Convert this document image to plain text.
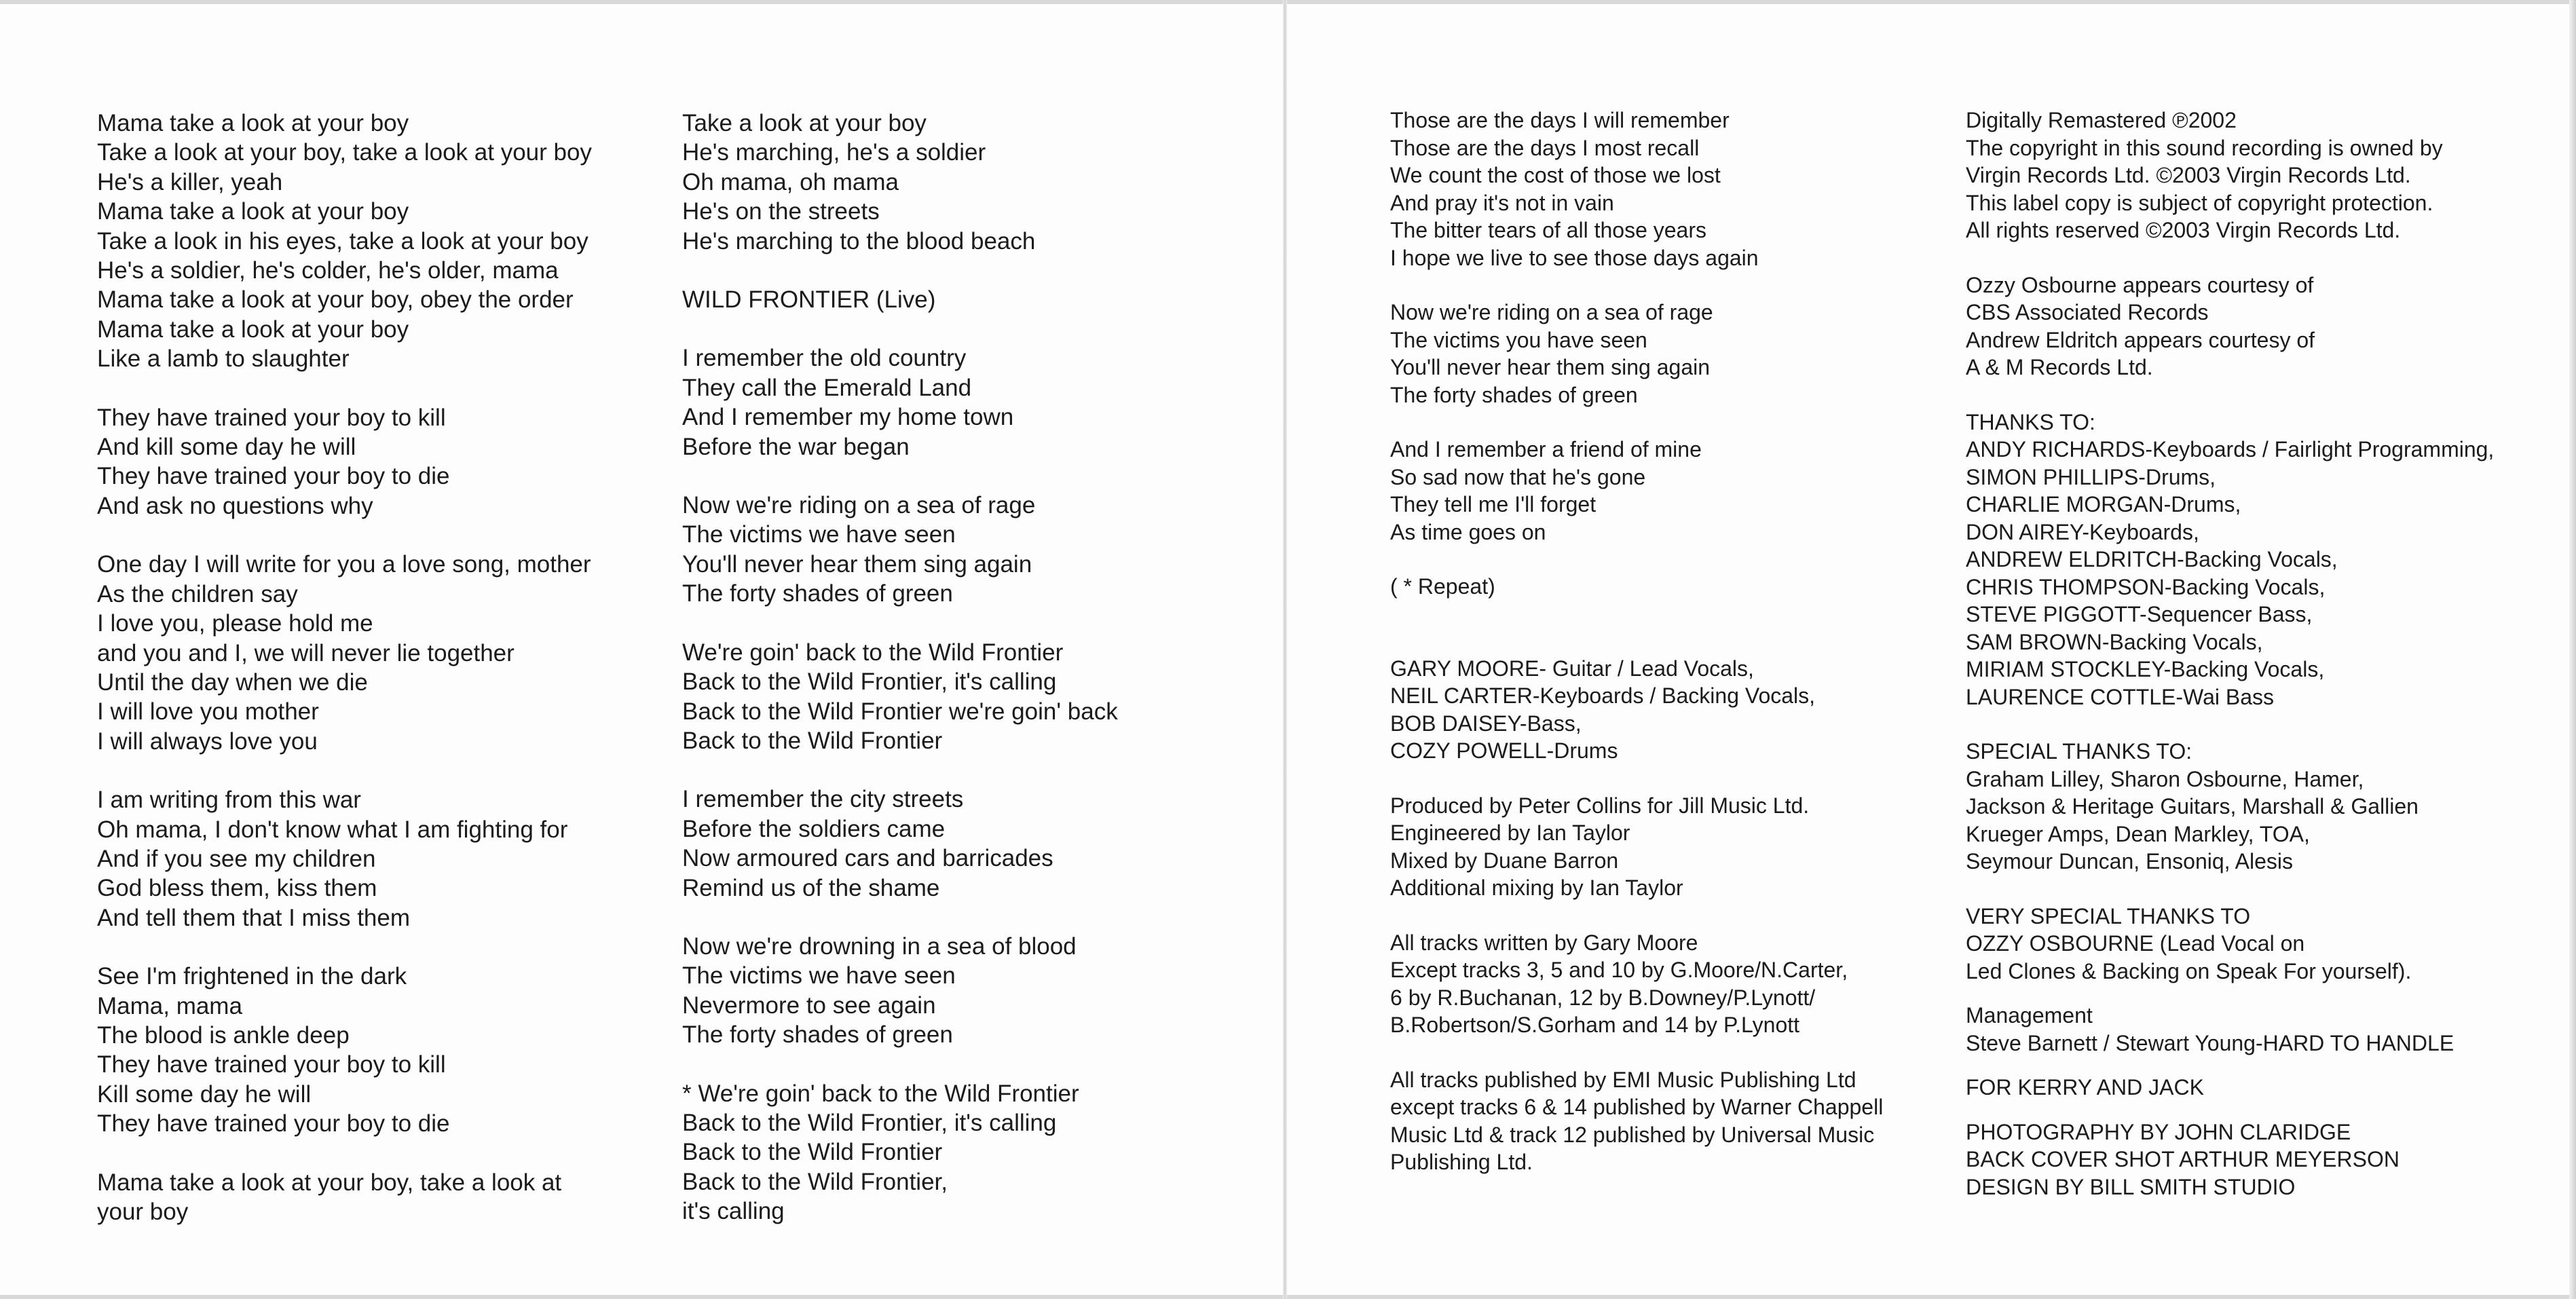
Mama take a look at your boy
Take a look at your boy, take a look at your boy
He's a killer, yeah
Mama take a look at your boy
Take a look in his eyes, take a look at your boy
He's a soldier, he's colder, he's older, mama
Mama take a look at your boy, obey the order
Mama take a look at your boy
Like a lamb to slaughter
They have trained your boy to kill
And kill some day he will
They have trained your boy to die
And ask no questions why
One day I will write for you a love song, mother
As the children say
I love you, please hold me
and you and I, we will never lie together
Until the day when we die
I will love you mother
I will always love you
I am writing from this war
Oh mama, I don't know what I am fighting for
And if you see my children
God bless them, kiss them
And tell them that I miss them
See I'm frightened in the dark
Mama, mama
The blood is ankle deep
They have trained your boy to kill
Kill some day he will
They have trained your boy to die
Mama take a look at your boy, take a look at
your boy
Take a look at your boy
He's marching, he's a soldier
Oh mama, oh mama
He's on the streets
He's marching to the blood beach
WILD FRONTIER (Live)
I remember the old country
They call the Emerald Land
And I remember my home town
Before the war began
Now we're riding on a sea of rage
The victims we have seen
You'll never hear them sing again
The forty shades of green
We're goin' back to the Wild Frontier
Back to the Wild Frontier, it's calling
Back to the Wild Frontier we're goin' back
Back to the Wild Frontier
I remember the city streets
Before the soldiers came
Now armoured cars and barricades
Remind us of the shame
Now we're drowning in a sea of blood
The victims we have seen
Nevermore to see again
The forty shades of green
* We're goin' back to the Wild Frontier
Back to the Wild Frontier, it's calling
Back to the Wild Frontier
Back to the Wild Frontier,
it's calling
Those are the days I will remember
Those are the days I most recall
We count the cost of those we lost
And pray it's not in vain
The bitter tears of all those years
I hope we live to see those days again
Now we're riding on a sea of rage
The victims you have seen
You'll never hear them sing again
The forty shades of green
And I remember a friend of mine
So sad now that he's gone
They tell me I'll forget
As time goes on
( * Repeat)
GARY MOORE- Guitar / Lead Vocals,
NEIL CARTER-Keyboards / Backing Vocals,
BOB DAISEY-Bass,
COZY POWELL-Drums
Produced by Peter Collins for Jill Music Ltd.
Engineered by Ian Taylor
Mixed by Duane Barron
Additional mixing by Ian Taylor
All tracks written by Gary Moore
Except tracks 3, 5 and 10 by G.Moore/N.Carter,
6 by R.Buchanan, 12 by B.Downey/P.Lynott/
B.Robertson/S.Gorham and 14 by P.Lynott
All tracks published by EMI Music Publishing Ltd
except tracks 6 & 14 published by Warner Chappell
Music Ltd & track 12 published by Universal Music
Publishing Ltd.
Digitally Remastered ℗2002
The copyright in this sound recording is owned by
Virgin Records Ltd. ©2003 Virgin Records Ltd.
This label copy is subject of copyright protection.
All rights reserved ©2003 Virgin Records Ltd.
Ozzy Osbourne appears courtesy of
CBS Associated Records
Andrew Eldritch appears courtesy of
A & M Records Ltd.
THANKS TO:
ANDY RICHARDS-Keyboards / Fairlight Programming,
SIMON PHILLIPS-Drums,
CHARLIE MORGAN-Drums,
DON AIREY-Keyboards,
ANDREW ELDRITCH-Backing Vocals,
CHRIS THOMPSON-Backing Vocals,
STEVE PIGGOTT-Sequencer Bass,
SAM BROWN-Backing Vocals,
MIRIAM STOCKLEY-Backing Vocals,
LAURENCE COTTLE-Wai Bass
SPECIAL THANKS TO:
Graham Lilley, Sharon Osbourne, Hamer,
Jackson & Heritage Guitars, Marshall & Gallien
Krueger Amps, Dean Markley, TOA,
Seymour Duncan, Ensoniq, Alesis
VERY SPECIAL THANKS TO
OZZY OSBOURNE (Lead Vocal on
Led Clones & Backing on Speak For yourself).
Management
Steve Barnett / Stewart Young-HARD TO HANDLE
FOR KERRY AND JACK
PHOTOGRAPHY BY JOHN CLARIDGE
BACK COVER SHOT ARTHUR MEYERSON
DESIGN BY BILL SMITH STUDIO
